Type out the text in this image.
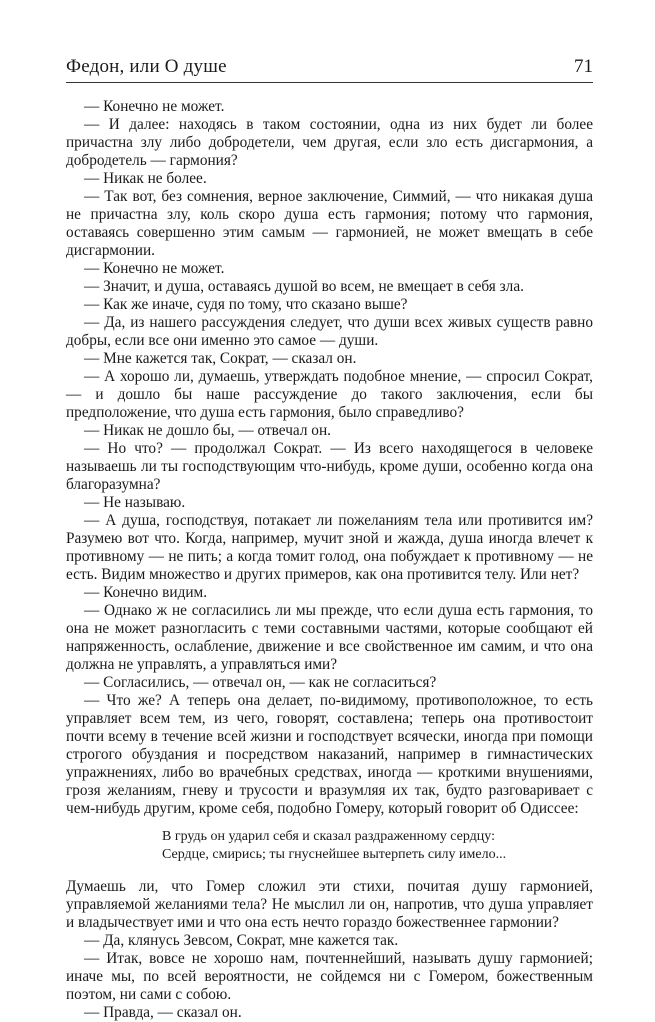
Федон, или О душе	71

— Конечно не может.

— И далее: находясь в таком состоянии, одна из них будет ли более причастна злу либо добродетели, чем другая, если зло есть дисгармония, а добродетель — гармония?

— Никак не более.

— Так вот, без сомнения, верное заключение, Симмий, — что никакая душа не причастна злу, коль скоро душа есть гармония; потому что гармония, оставаясь совершенно этим самым — гармонией, не может вмещать в себе дисгармонии.

— Конечно не может.

— Значит, и душа, оставаясь душой во всем, не вмещает в себя зла.

— Как же иначе, судя по тому, что сказано выше?

— Да, из нашего рассуждения следует, что души всех живых существ равно добры, если все они именно это самое — души.

— Мне кажется так, Сократ, — сказал он.

— А хорошо ли, думаешь, утверждать подобное мнение, — спросил Сократ, — и дошло бы наше рассуждение до такого заключения, если бы предположение, что душа есть гармония, было справедливо?

— Никак не дошло бы, — отвечал он.

— Но что? — продолжал Сократ. — Из всего находящегося в человеке называешь ли ты господствующим что-нибудь, кроме души, особенно когда она благоразумна?

— Не называю.

— А душа, господствуя, потакает ли пожеланиям тела или противится им? Разумею вот что. Когда, например, мучит зной и жажда, душа иногда влечет к противному — не пить; а когда томит голод, она побуждает к противному — не есть. Видим множество и других примеров, как она противится телу. Или нет?

— Конечно видим.

— Однако ж не согласились ли мы прежде, что если душа есть гармония, то она не может разногласить с теми составными частями, которые сообщают ей напряженность, ослабление, движение и все свойственное им самим, и что она должна не управлять, а управляться ими?

— Согласились, — отвечал он, — как не согласиться?

— Что же? А теперь она делает, по-видимому, противоположное, то есть управляет всем тем, из чего, говорят, составлена; теперь она противостоит почти всему в течение всей жизни и господствует всячески, иногда при помощи строгого обуздания и посредством наказаний, например в гимнастических упражнениях, либо во врачебных средствах, иногда — кроткими внушениями, грозя желаниям, гневу и трусости и вразумляя их так, будто разговаривает с чем-нибудь другим, кроме себя, подобно Гомеру, который говорит об Одиссее:

В грудь он ударил себя и сказал раздраженному сердцу:
Сердце, смирись; ты гнуснейшее вытерпеть силу имело...

Думаешь ли, что Гомер сложил эти стихи, почитая душу гармонией, управляемой желаниями тела? Не мыслил ли он, напротив, что душа управляет и владычествует ими и что она есть нечто гораздо божественнее гармонии?

— Да, клянусь Зевсом, Сократ, мне кажется так.

— Итак, вовсе не хорошо нам, почтеннейший, называть душу гармонией; иначе мы, по всей вероятности, не сойдемся ни с Гомером, божественным поэтом, ни сами с собою.

— Правда, — сказал он.
